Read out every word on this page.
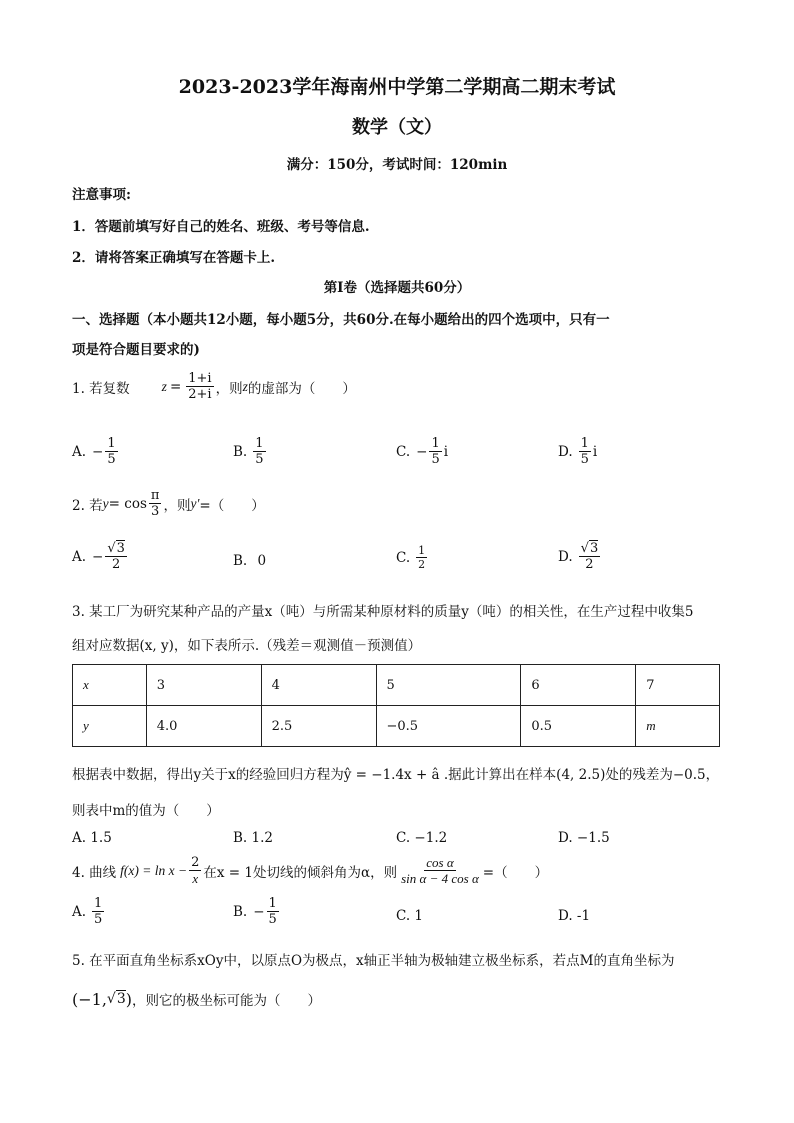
2023-2023学年海南州中学第二学期高二期末考试
数学（文）
满分：150分，考试时间：120min
注意事项:
1．答题前填写好自己的姓名、班级、考号等信息.
2．请将答案正确填写在答题卡上.
第I卷（选择题共60分）
一、选择题（本小题共12小题，每小题5分，共60分.在每小题给出的四个选项中，只有一
项是符合题目要求的)
1. 若复数 $z = \frac{1+i}{2+i}$ ，则 z 的虚部为（　　）
A. − $\frac{1}{5}$	B. $\frac{1}{5}$	C. − $\frac{1}{5}$ i	D. $\frac{1}{5}$ i
2. 若 $y = \cos \frac{\pi}{3}$ ，则 y′ =（　　）
A. − $\frac{√3}{2}$	B. 0	C. $\frac{1}{2}$	D. $\frac{√3}{2}$
3. 某工厂为研究某种产品的产量x（吨）与所需某种原材料的质量y（吨）的相关性，在生产过程中收集5
组对应数据(x, y)，如下表所示.（残差＝观测值－预测值）
x	3	4	5	6	7
y	4.0	2.5	−0.5	0.5	m
根据表中数据，得出y关于x的经验回归方程为ŷ = −1.4x + â .据此计算出在样本(4, 2.5)处的残差为−0.5，
则表中m的值为（　　）
A. 1.5	B. 1.2	C. −1.2	D. −1.5
4. 曲线 $f(x) = \ln x - \frac{2}{x}$ 在x = 1处切线的倾斜角为α，则 $\frac{\text{cos α}}{\text{sin α − 4 cos α}}$ =（　　）
A. $\frac{1}{5}$	B. − $\frac{1}{5}$	C. 1	D. -1
5. 在平面直角坐标系xOy中，以原点O为极点，x轴正半轴为极轴建立极坐标系，若点M的直角坐标为
(−1, √3 ) ，则它的极坐标可能为（　　）
